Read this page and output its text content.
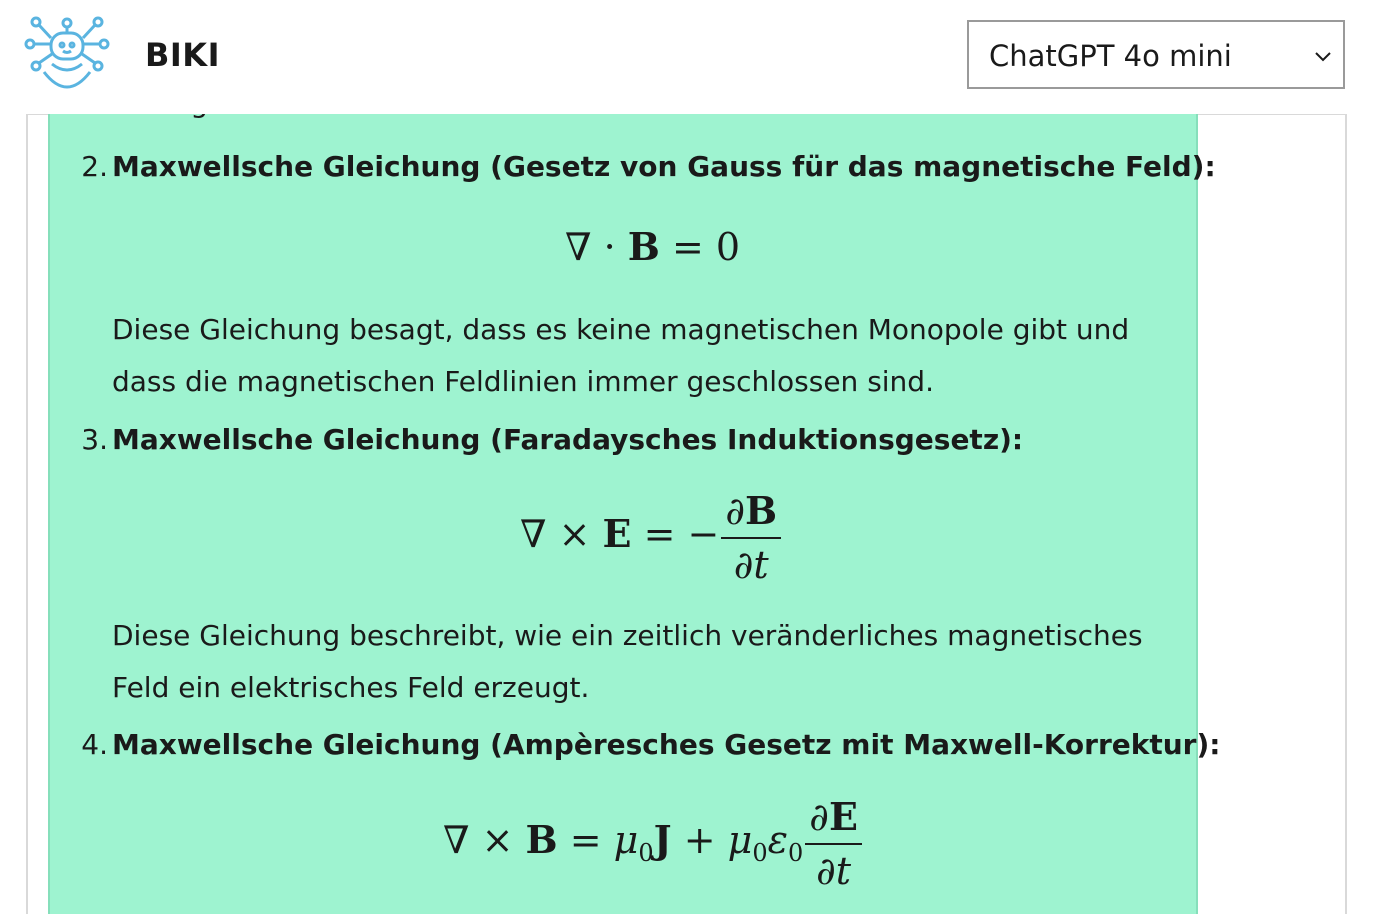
BIKI	ChatGPT 4o mini
2. Maxwellsche Gleichung (Gesetz von Gauss für das magnetische Feld):
∇ · B = 0
Diese Gleichung besagt, dass es keine magnetischen Monopole gibt und dass die magnetischen Feldlinien immer geschlossen sind.
3. Maxwellsche Gleichung (Faradaysches Induktionsgesetz):
∇ × E = − $\frac{\partial B}{\partial t}$
Diese Gleichung beschreibt, wie ein zeitlich veränderliches magnetisches Feld ein elektrisches Feld erzeugt.
4. Maxwellsche Gleichung (Ampèresches Gesetz mit Maxwell-Korrektur):
∇ × $B = \mu_0J + \mu_0\varepsilon_0 \frac{\partial E}{\partial t}$
